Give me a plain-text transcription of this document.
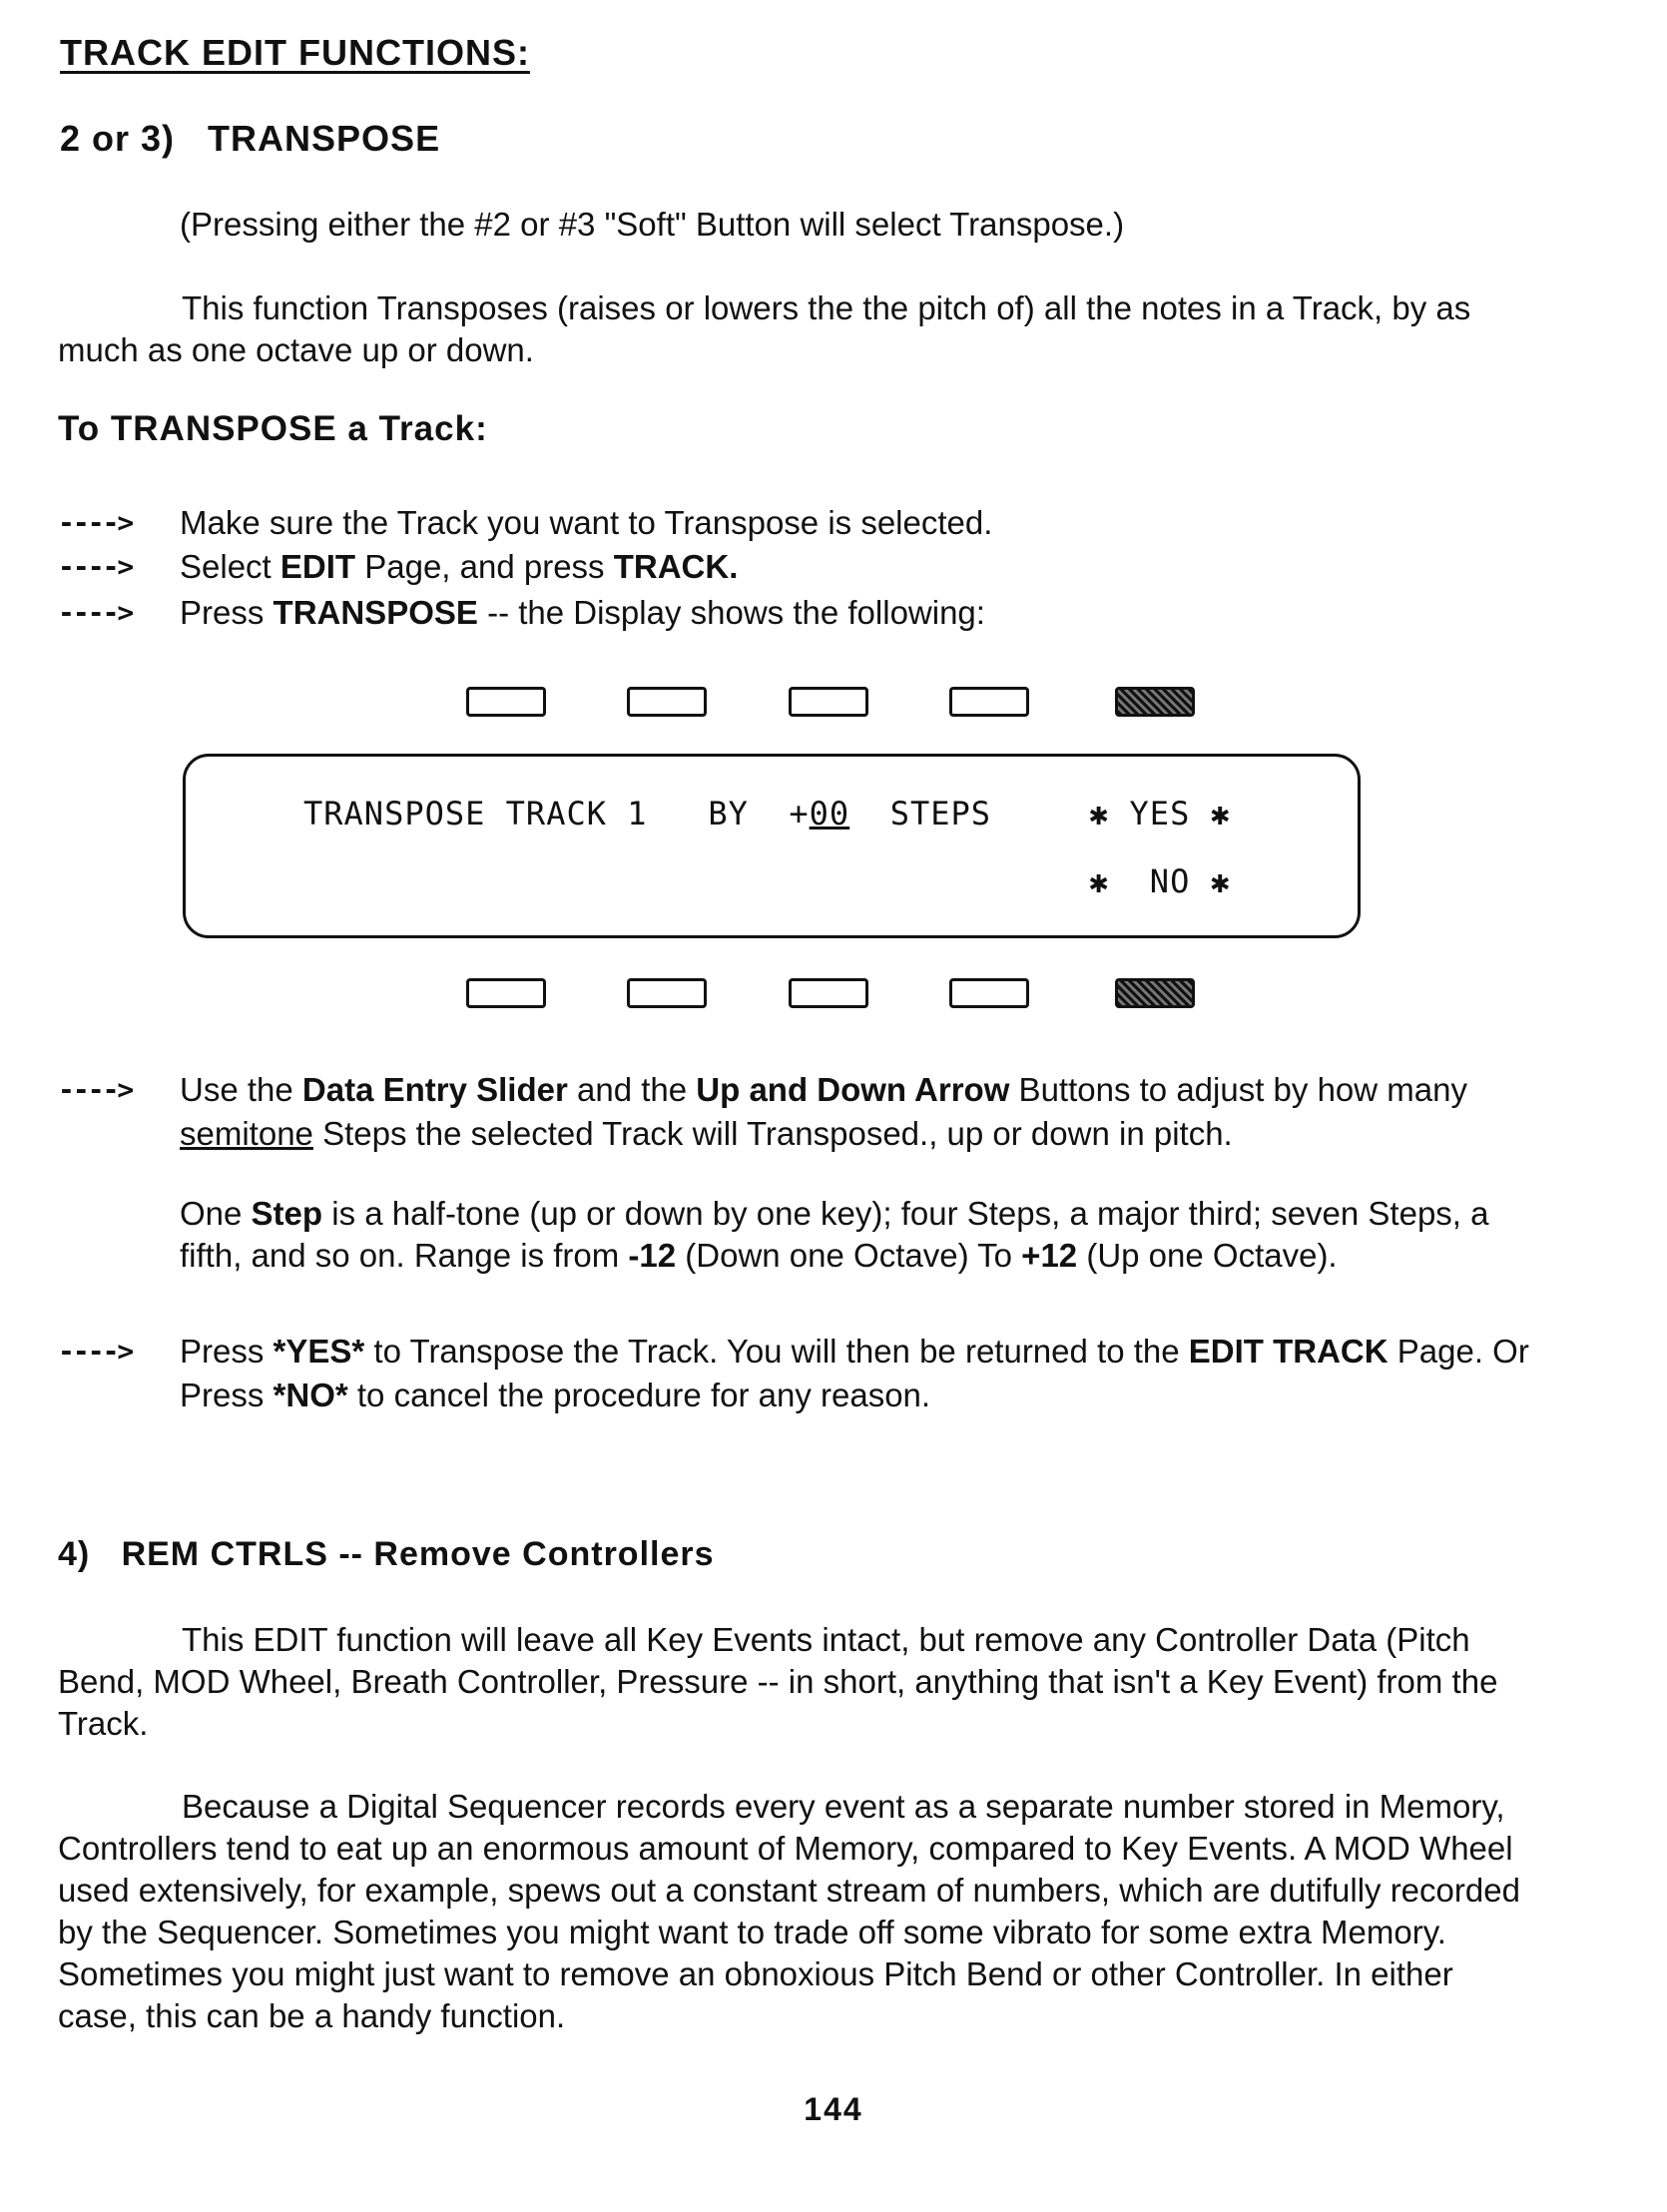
TRACK EDIT FUNCTIONS:
2 or 3)   TRANSPOSE
(Pressing either the #2 or #3 "Soft" Button will select Transpose.)
This function Transposes (raises or lowers the the pitch of) all the notes in a Track, by as much as one octave up or down.
To TRANSPOSE a Track:
----> Make sure the Track you want to Transpose is selected.
----> Select EDIT Page, and press TRACK.
----> Press TRANSPOSE -- the Display shows the following:
TRANSPOSE TRACK 1   BY  +00  STEPS	✱ YES ✱
✱  NO ✱
----> Use the Data Entry Slider and the Up and Down Arrow Buttons to adjust by how many semitone Steps the selected Track will Transposed., up or down in pitch.
One Step is a half-tone (up or down by one key); four Steps, a major third; seven Steps, a fifth, and so on. Range is from -12 (Down one Octave) To +12 (Up one Octave).
----> Press *YES* to Transpose the Track. You will then be returned to the EDIT TRACK Page. Or Press *NO* to cancel the procedure for any reason.
4)   REM CTRLS -- Remove Controllers
This EDIT function will leave all Key Events intact, but remove any Controller Data (Pitch Bend, MOD Wheel, Breath Controller, Pressure -- in short, anything that isn't a Key Event) from the Track.
Because a Digital Sequencer records every event as a separate number stored in Memory, Controllers tend to eat up an enormous amount of Memory, compared to Key Events. A MOD Wheel used extensively, for example, spews out a constant stream of numbers, which are dutifully recorded by the Sequencer. Sometimes you might want to trade off some vibrato for some extra Memory. Sometimes you might just want to remove an obnoxious Pitch Bend or other Controller. In either case, this can be a handy function.
144
